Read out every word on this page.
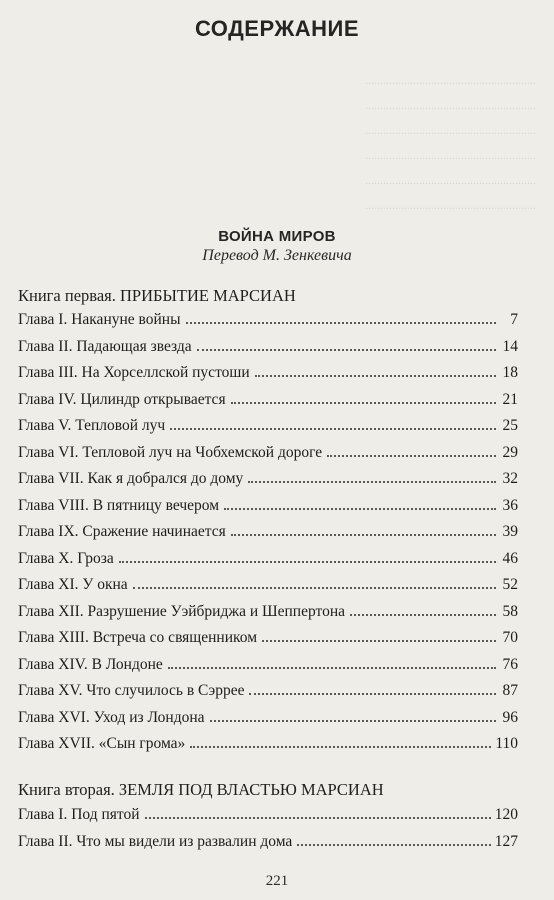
СОДЕРЖАНИЕ
.........................................................
.........................................................
.........................................................
.........................................................
.........................................................
.........................................................
ВОЙНА МИРОВ
Перевод М. Зенкевича
Книга первая. ПРИБЫТИЕ МАРСИАН
Глава I. Накануне войны	7
Глава II. Падающая звезда	14
Глава III. На Хорселлской пустоши	18
Глава IV. Цилиндр открывается	21
Глава V. Тепловой луч	25
Глава VI. Тепловой луч на Чобхемской дороге	29
Глава VII. Как я добрался до дому	32
Глава VIII. В пятницу вечером	36
Глава IX. Сражение начинается	39
Глава X. Гроза	46
Глава XI. У окна	52
Глава XII. Разрушение Уэйбриджа и Шеппертона	58
Глава XIII. Встреча со священником	70
Глава XIV. В Лондоне	76
Глава XV. Что случилось в Сэррее	87
Глава XVI. Уход из Лондона	96
Глава XVII. «Сын грома»	110
Книга вторая. ЗЕМЛЯ ПОД ВЛАСТЬЮ МАРСИАН
Глава I. Под пятой	120
Глава II. Что мы видели из развалин дома	127
221
